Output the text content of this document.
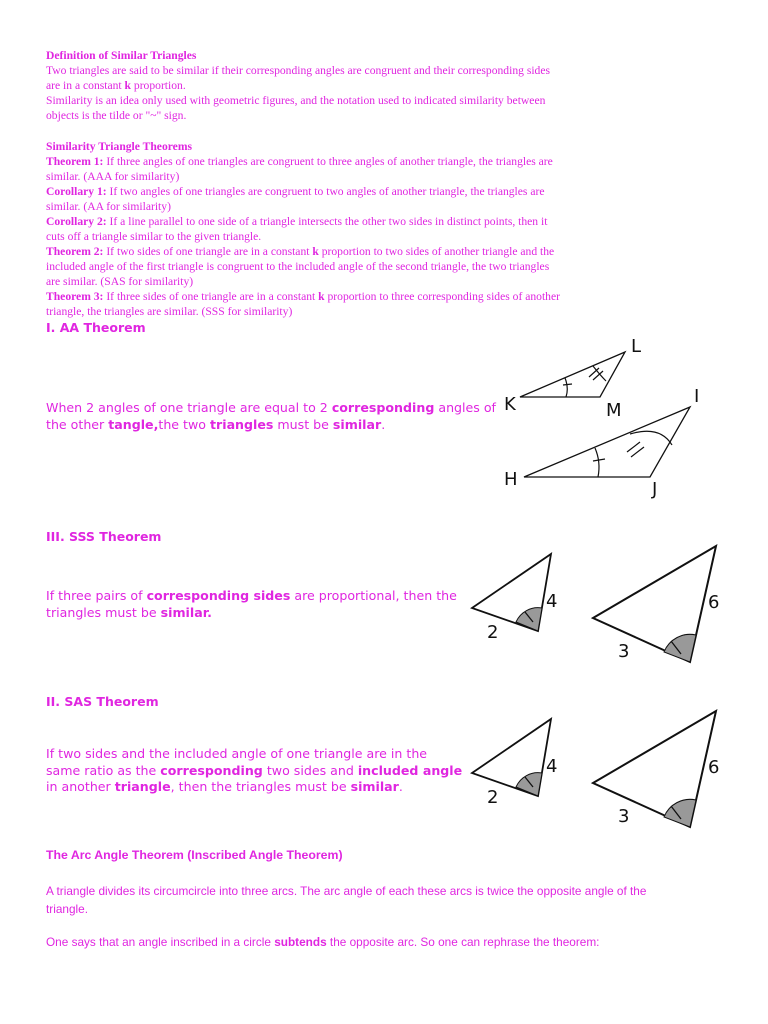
Definition of Similar Triangles
Two triangles are said to be similar if their corresponding angles are congruent and their corresponding sides
are in a constant k proportion.
Similarity is an idea only used with geometric figures, and the notation used to indicated similarity between
objects is the tilde or "~" sign.
Similarity Triangle Theorems
Theorem 1: If three angles of one triangles are congruent to three angles of another triangle, the triangles are
similar. (AAA for similarity)
Corollary 1: If two angles of one triangles are congruent to two angles of another triangle, the triangles are
similar. (AA for similarity)
Corollary 2: If a line parallel to one side of a triangle intersects the other two sides in distinct points, then it
cuts off a triangle similar to the given triangle.
Theorem 2: If two sides of one triangle are in a constant k proportion to two sides of another triangle and the
included angle of the first triangle is congruent to the included angle of the second triangle, the two triangles
are similar. (SAS for similarity)
Theorem 3: If three sides of one triangle are in a constant k proportion to three corresponding sides of another
triangle, the triangles are similar. (SSS for similarity)
I. AA Theorem
When 2 angles of one triangle are equal to 2 corresponding angles of
the other tangle,the two triangles must be similar.
L
K	M
I
H	J
III. SSS Theorem
If three pairs of corresponding sides are proportional, then the
triangles must be similar.	4
2
6
3
II. SAS Theorem
If two sides and the included angle of one triangle are in the
same ratio as the corresponding two sides and included angle
in another triangle, then the triangles must be similar.
4
2
6
3
The Arc Angle Theorem (Inscribed Angle Theorem)
A triangle divides its circumcircle into three arcs. The arc angle of each these arcs is twice the opposite angle of the
triangle.
One says that an angle inscribed in a circle subtends the opposite arc. So one can rephrase the theorem:
